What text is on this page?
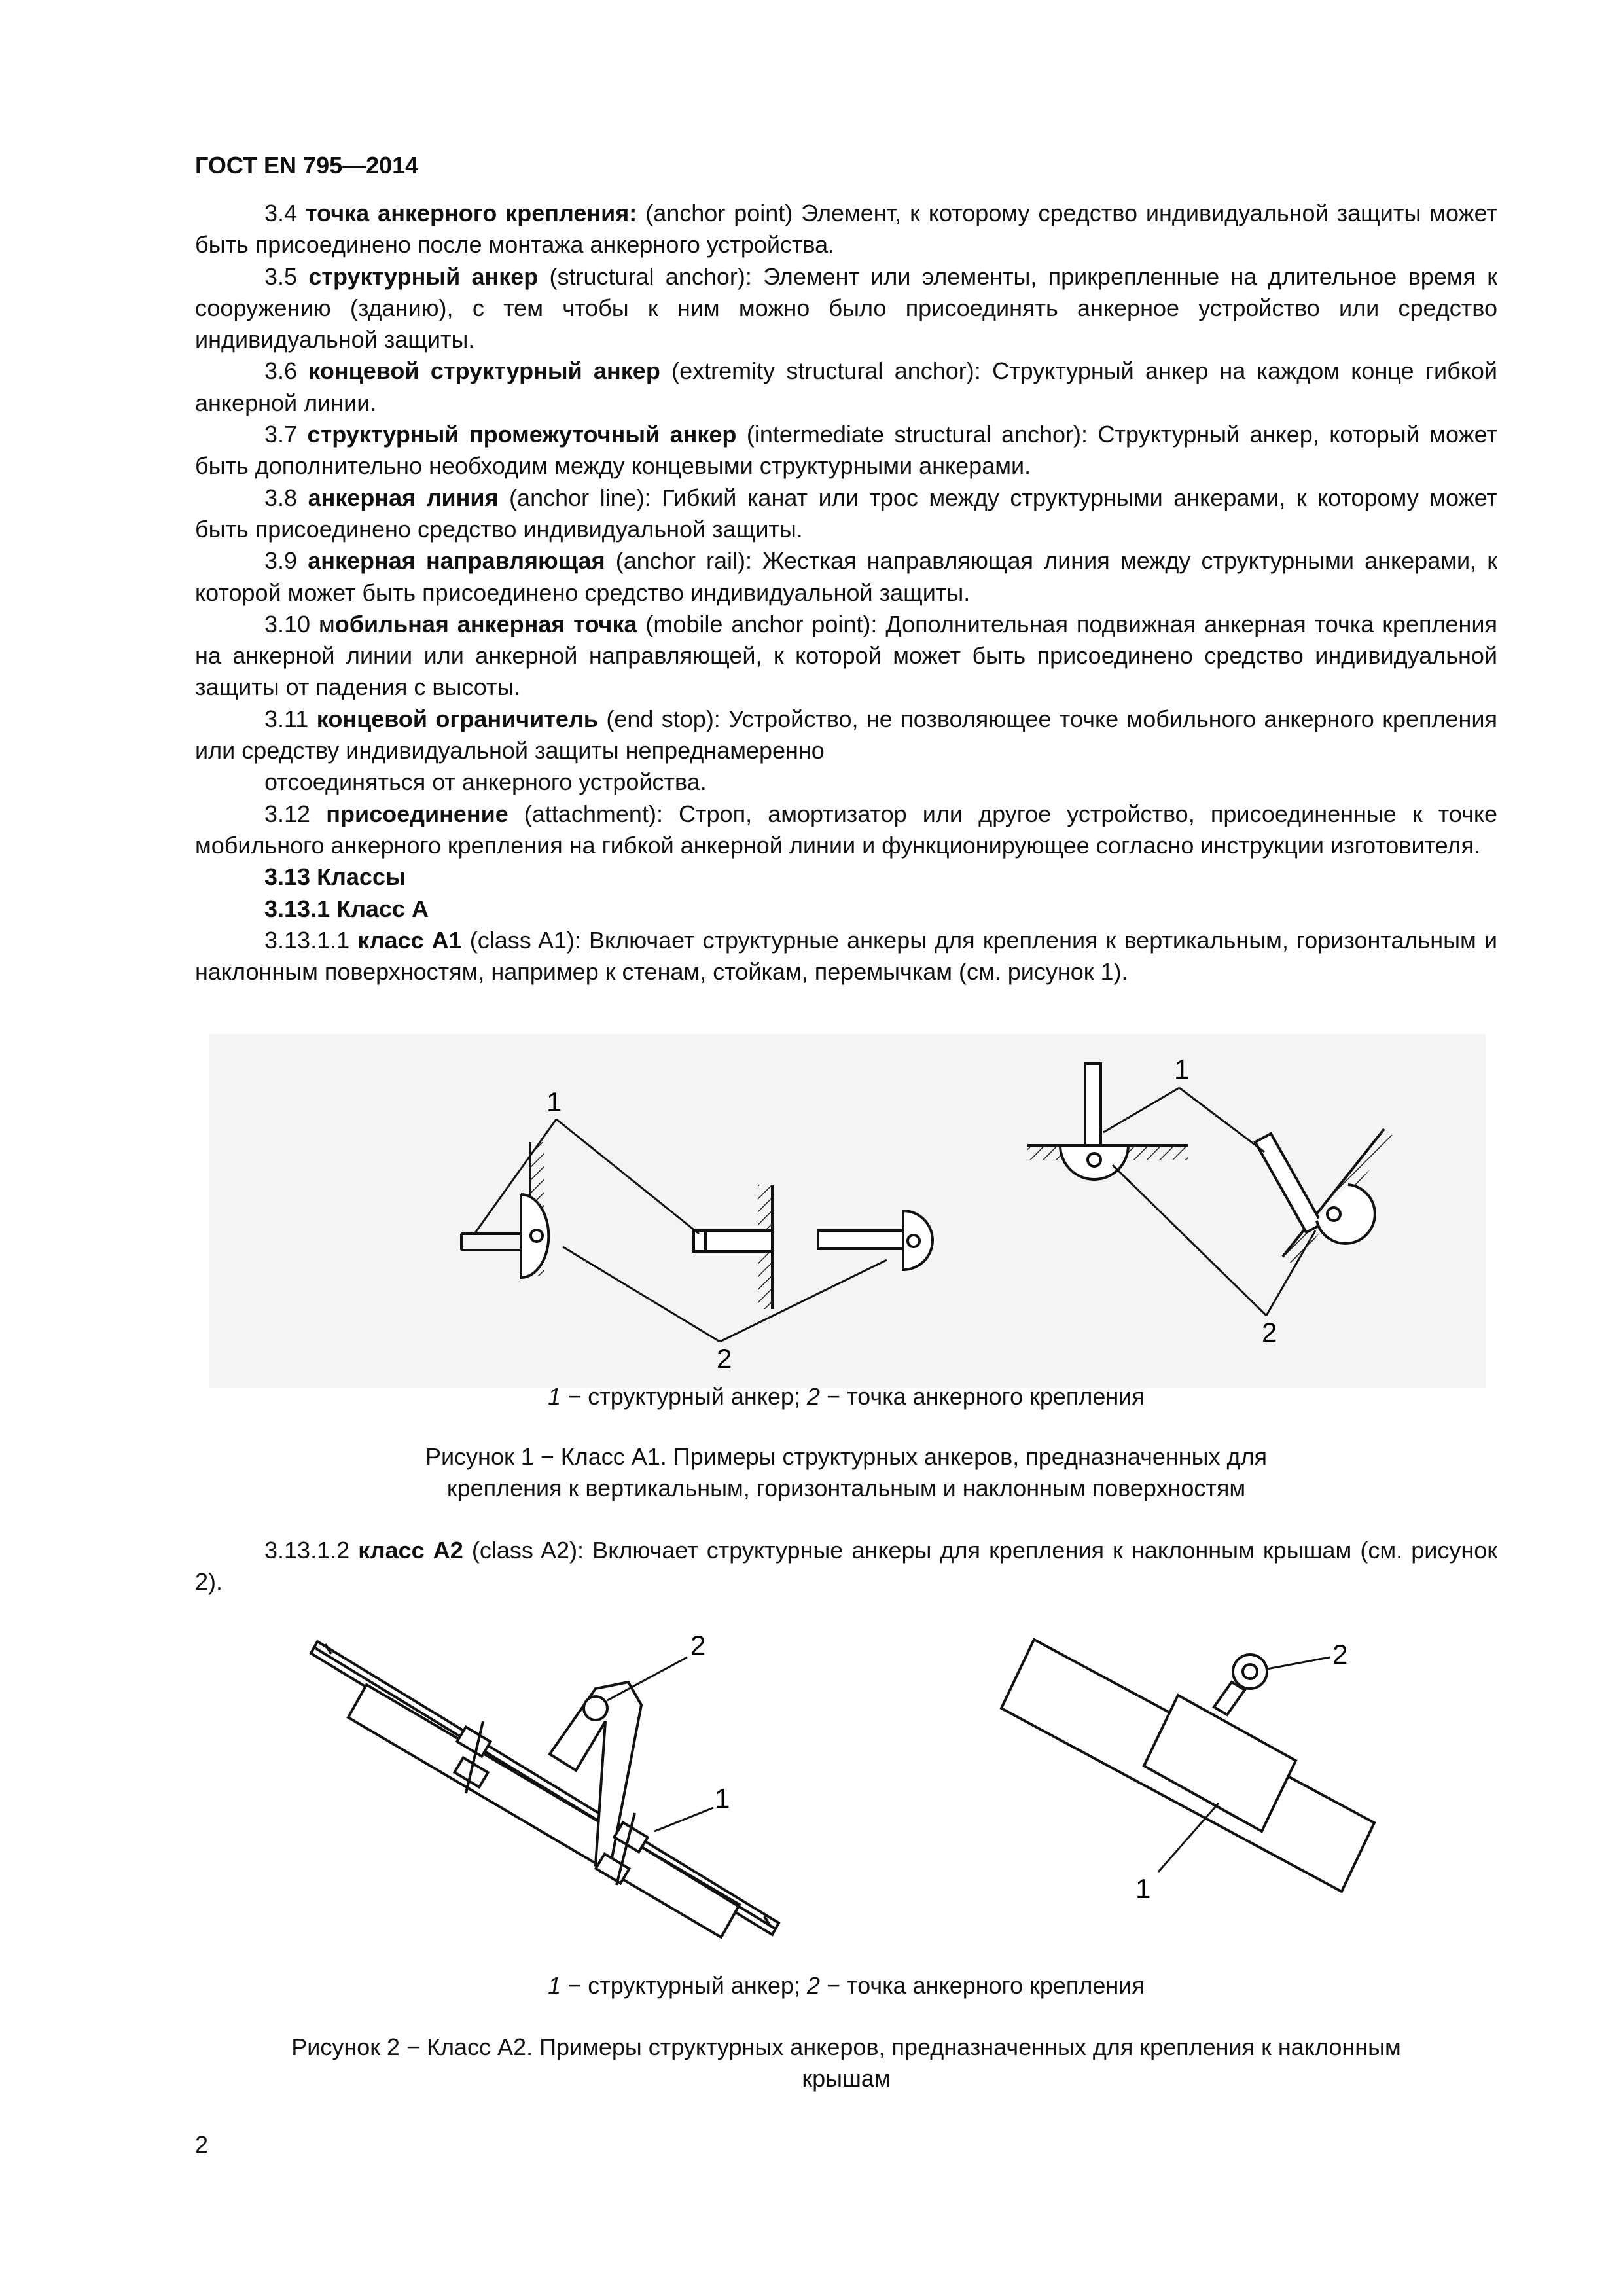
ГОСТ EN 795—2014

3.4 точка анкерного крепления: (anchor point) Элемент, к которому средство индивидуальной защиты может быть присоединено после монтажа анкерного устройства.

3.5 структурный анкер (structural anchor): Элемент или элементы, прикрепленные на длительное время к сооружению (зданию), с тем чтобы к ним можно было присоединять анкерное устройство или средство индивидуальной защиты.

3.6 концевой структурный анкер (extremity structural anchor): Структурный анкер на каждом конце гибкой анкерной линии.

3.7 структурный промежуточный анкер (intermediate structural anchor): Структурный анкер, который может быть дополнительно необходим между концевыми структурными анкерами.

3.8 анкерная линия (anchor line): Гибкий канат или трос между структурными анкерами, к которому может быть присоединено средство индивидуальной защиты.

3.9 анкерная направляющая (anchor rail): Жесткая направляющая линия между структурными анкерами, к которой может быть присоединено средство индивидуальной защиты.

3.10 мобильная анкерная точка (mobile anchor point): Дополнительная подвижная анкерная точка крепления на анкерной линии или анкерной направляющей, к которой может быть присоединено средство индивидуальной защиты от падения с высоты.

3.11 концевой ограничитель (end stop): Устройство, не позволяющее точке мобильного анкерного крепления или средству индивидуальной защиты непреднамеренно

отсоединяться от анкерного устройства.

3.12 присоединение (attachment): Строп, амортизатор или другое устройство, присоединенные к точке мобильного анкерного крепления на гибкой анкерной линии и функционирующее согласно инструкции изготовителя.

3.13 Классы

3.13.1 Класс А

3.13.1.1 класс А1 (class A1): Включает структурные анкеры для крепления к вертикальным, горизонтальным и наклонным поверхностям, например к стенам, стойкам, перемычкам (см. рисунок 1).

1
1
2
2
1 − структурный анкер; 2 − точка анкерного крепления
Рисунок 1 − Класс А1. Примеры структурных анкеров, предназначенных для
крепления к вертикальным, горизонтальным и наклонным поверхностям

3.13.1.2 класс А2 (class A2): Включает структурные анкеры для крепления к наклонным крышам (см. рисунок 2).

2
1
2
1
1 − структурный анкер; 2 − точка анкерного крепления
Рисунок 2 − Класс А2. Примеры структурных анкеров, предназначенных для крепления к наклонным
крышам
2
